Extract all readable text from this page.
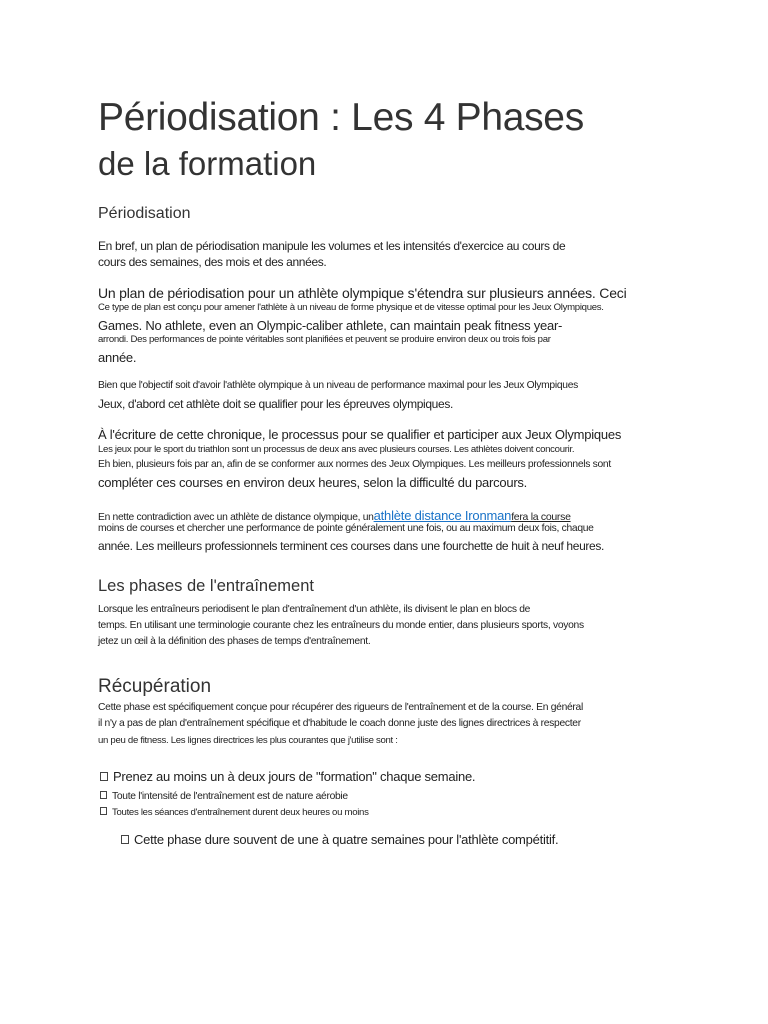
Périodisation : Les 4 Phases
de la formation
Périodisation
En bref, un plan de périodisation manipule les volumes et les intensités d'exercice au cours de
cours des semaines, des mois et des années.
Un plan de périodisation pour un athlète olympique s'étendra sur plusieurs années. Ceci
Ce type de plan est conçu pour amener l'athlète à un niveau de forme physique et de vitesse optimal pour les Jeux Olympiques.
Games. No athlete, even an Olympic-caliber athlete, can maintain peak fitness year-
arrondi. Des performances de pointe véritables sont planifiées et peuvent se produire environ deux ou trois fois par
année.
Bien que l'objectif soit d'avoir l'athlète olympique à un niveau de performance maximal pour les Jeux Olympiques
Jeux, d'abord cet athlète doit se qualifier pour les épreuves olympiques.
À l'écriture de cette chronique, le processus pour se qualifier et participer aux Jeux Olympiques
Les jeux pour le sport du triathlon sont un processus de deux ans avec plusieurs courses. Les athlètes doivent concourir.
Eh bien, plusieurs fois par an, afin de se conformer aux normes des Jeux Olympiques. Les meilleurs professionnels sont
compléter ces courses en environ deux heures, selon la difficulté du parcours.
En nette contradiction avec un athlète de distance olympique, unathlète distance Ironmanfera la course
moins de courses et chercher une performance de pointe généralement une fois, ou au maximum deux fois, chaque
année. Les meilleurs professionnels terminent ces courses dans une fourchette de huit à neuf heures.
Les phases de l'entraînement
Lorsque les entraîneurs periodisent le plan d'entraînement d'un athlète, ils divisent le plan en blocs de
temps. En utilisant une terminologie courante chez les entraîneurs du monde entier, dans plusieurs sports, voyons
jetez un œil à la définition des phases de temps d'entraînement.
Récupération
Cette phase est spécifiquement conçue pour récupérer des rigueurs de l'entraînement et de la course. En général
il n'y a pas de plan d'entraînement spécifique et d'habitude le coach donne juste des lignes directrices à respecter
un peu de fitness. Les lignes directrices les plus courantes que j'utilise sont :
Prenez au moins un à deux jours de "formation" chaque semaine.
Toute l'intensité de l'entraînement est de nature aérobie
Toutes les séances d'entraînement durent deux heures ou moins
Cette phase dure souvent de une à quatre semaines pour l'athlète compétitif.
